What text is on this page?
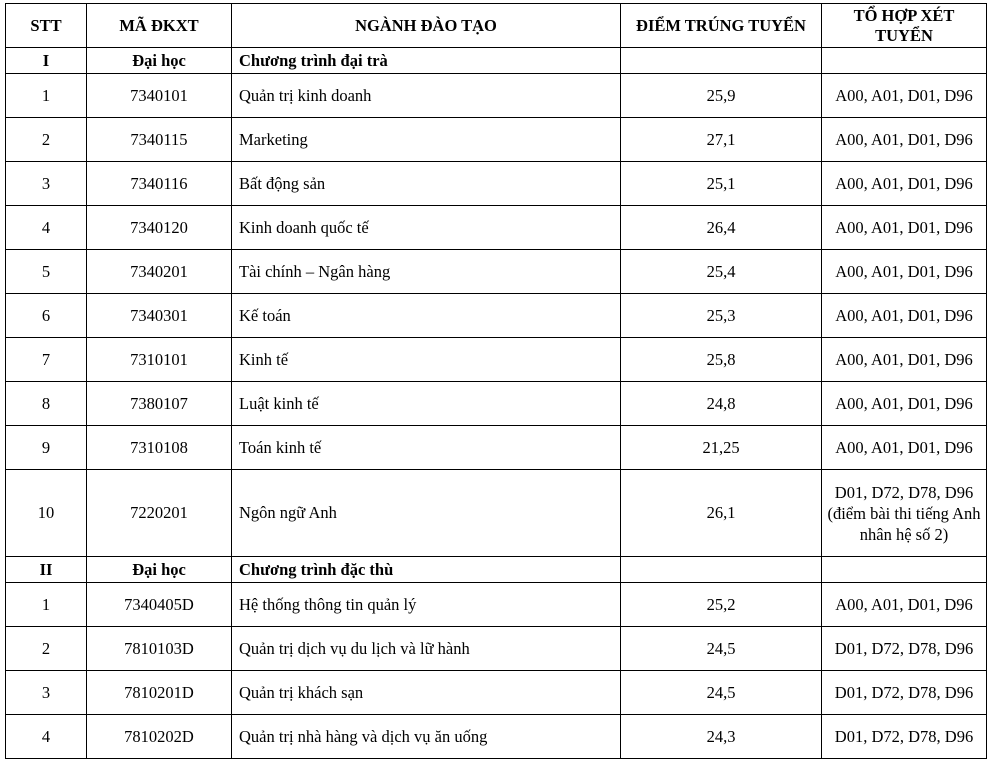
STT	MÃ ĐKXT	NGÀNH ĐÀO TẠO	ĐIỂM TRÚNG TUYỂN	TỔ HỢP XÉT TUYỂN
I	Đại học	Chương trình đại trà		
1	7340101	Quản trị kinh doanh	25,9	A00, A01, D01, D96
2	7340115	Marketing	27,1	A00, A01, D01, D96
3	7340116	Bất động sản	25,1	A00, A01, D01, D96
4	7340120	Kinh doanh quốc tế	26,4	A00, A01, D01, D96
5	7340201	Tài chính – Ngân hàng	25,4	A00, A01, D01, D96
6	7340301	Kế toán	25,3	A00, A01, D01, D96
7	7310101	Kinh tế	25,8	A00, A01, D01, D96
8	7380107	Luật kinh tế	24,8	A00, A01, D01, D96
9	7310108	Toán kinh tế	21,25	A00, A01, D01, D96
10	7220201	Ngôn ngữ Anh	26,1	D01, D72, D78, D96 (điểm bài thi tiếng Anh nhân hệ số 2)
II	Đại học	Chương trình đặc thù		
1	7340405D	Hệ thống thông tin quản lý	25,2	A00, A01, D01, D96
2	7810103D	Quản trị dịch vụ du lịch và lữ hành	24,5	D01, D72, D78, D96
3	7810201D	Quản trị khách sạn	24,5	D01, D72, D78, D96
4	7810202D	Quản trị nhà hàng và dịch vụ ăn uống	24,3	D01, D72, D78, D96
